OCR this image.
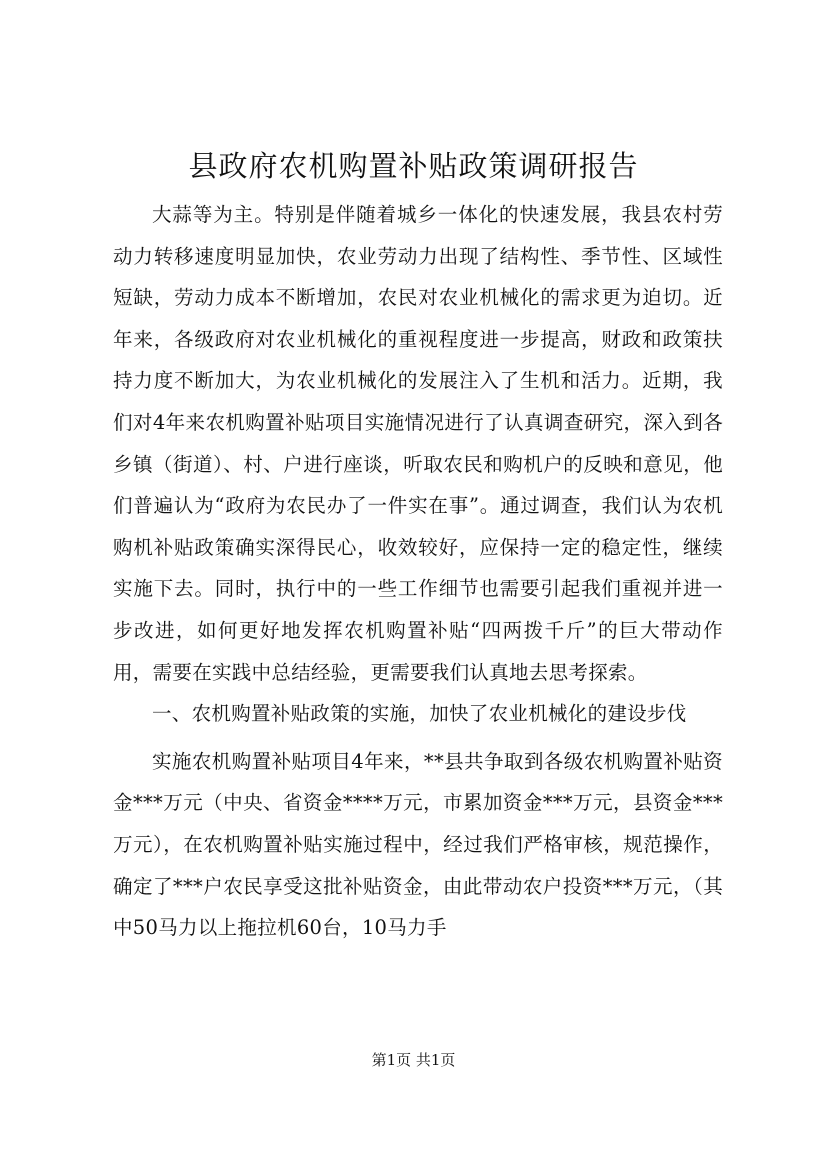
县政府农机购置补贴政策调研报告

大蒜等为主。特别是伴随着城乡一体化的快速发展，我县农村劳动力转移速度明显加快，农业劳动力出现了结构性、季节性、区域性短缺，劳动力成本不断增加，农民对农业机械化的需求更为迫切。近年来，各级政府对农业机械化的重视程度进一步提高，财政和政策扶持力度不断加大，为农业机械化的发展注入了生机和活力。近期，我们对4年来农机购置补贴项目实施情况进行了认真调查研究，深入到各乡镇（街道）、村、户进行座谈，听取农民和购机户的反映和意见，他们普遍认为“政府为农民办了一件实在事”。通过调查，我们认为农机购机补贴政策确实深得民心，收效较好，应保持一定的稳定性，继续实施下去。同时，执行中的一些工作细节也需要引起我们重视并进一步改进，如何更好地发挥农机购置补贴“四两拨千斤”的巨大带动作用，需要在实践中总结经验，更需要我们认真地去思考探索。

一、农机购置补贴政策的实施，加快了农业机械化的建设步伐

实施农机购置补贴项目4年来，**县共争取到各级农机购置补贴资金***万元（中央、省资金****万元，市累加资金***万元，县资金***万元），在农机购置补贴实施过程中，经过我们严格审核，规范操作，确定了***户农民享受这批补贴资金，由此带动农户投资***万元，（其中50马力以上拖拉机60台，10马力手

第1页 共1页
